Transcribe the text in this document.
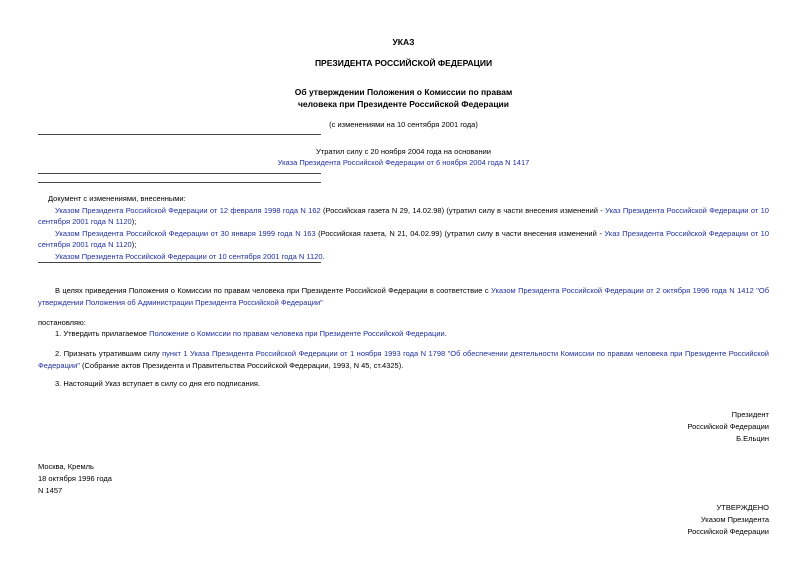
УКАЗ
ПРЕЗИДЕНТА РОССИЙСКОЙ ФЕДЕРАЦИИ
Об утверждении Положения о Комиссии по правам
человека при Президенте Российской Федерации
(с изменениями на 10 сентября 2001 года)
Утратил силу с 20 ноября 2004 года на основании
Указа Президента Российской Федерации от 6 ноября 2004 года N 1417
Документ с изменениями, внесенными:
Указом Президента Российской Федерации от 12 февраля 1998 года N 162 (Российская газета N 29, 14.02.98) (утратил силу в части внесения изменений - Указ Президента Российской Федерации от 10 сентября 2001 года N 1120);
Указом Президента Российской Федерации от 30 января 1999 года N 163 (Российская газета, N 21, 04.02.99) (утратил силу в части внесения изменений - Указ Президента Российской Федерации от 10 сентября 2001 года N 1120);
Указом Президента Российской Федерации от 10 сентября 2001 года N 1120.
В целях приведения Положения о Комиссии по правам человека при Президенте Российской Федерации в соответствие с Указом Президента Российской Федерации от 2 октября 1996 года N 1412 "Об утверждении Положения об Администрации Президента Российской Федерации"
постановляю:
1. Утвердить прилагаемое Положение о Комиссии по правам человека при Президенте Российской Федерации.
2. Признать утратившим силу пункт 1 Указа Президента Российской Федерации от 1 ноября 1993 года N 1798 "Об обеспечении деятельности Комиссии по правам человека при Президенте Российской Федерации" (Собрание актов Президента и Правительства Российской Федерации, 1993, N 45, ст.4325).
3. Настоящий Указ вступает в силу со дня его подписания.
Президент
Российской Федерации
Б.Ельцин
Москва, Кремль
18 октября 1996 года
N 1457
УТВЕРЖДЕНО
Указом Президента
Российской Федерации
